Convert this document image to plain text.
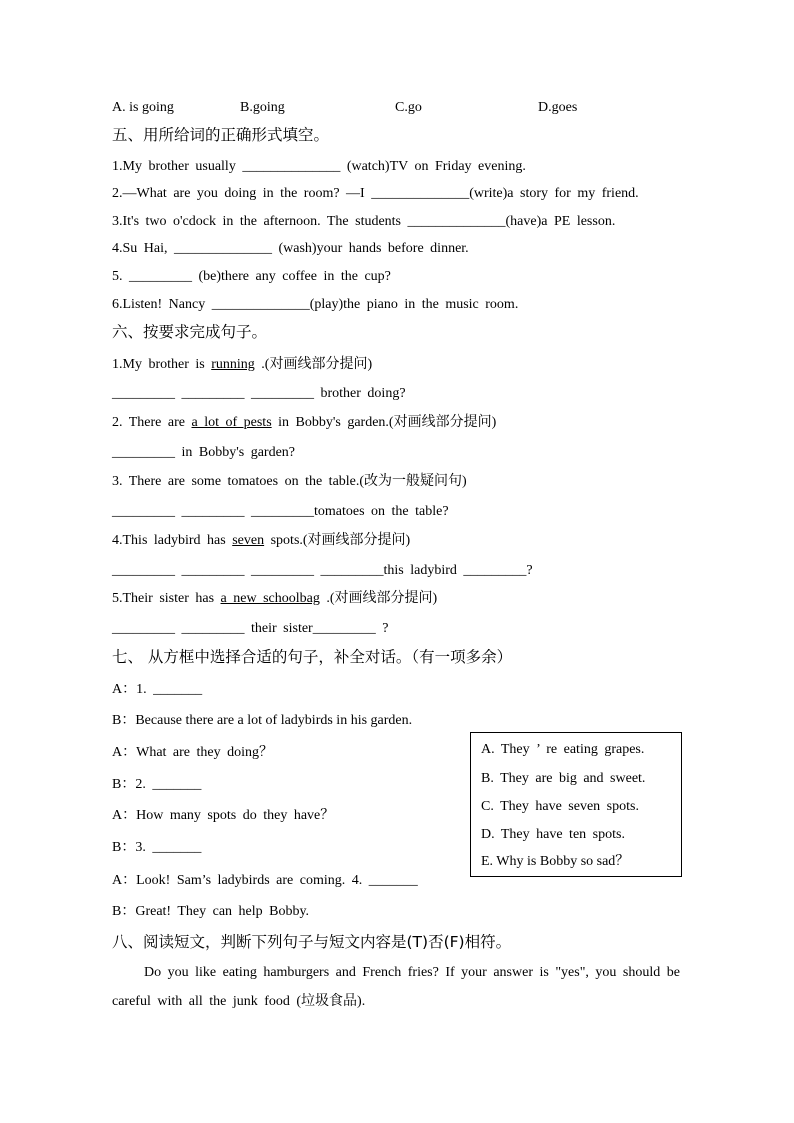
A. is going	B.going	C.go	D.goes
五、用所给词的正确形式填空。
1.My brother usually ______________ (watch)TV on Friday evening.
2.—What are you doing in the room? —I ______________(write)a story for my friend.
3.It's two o'cdock in the afternoon. The students ______________(have)a PE lesson.
4.Su Hai, ______________ (wash)your hands before dinner.
5. _________ (be)there any coffee in the cup?
6.Listen! Nancy ______________(play)the piano in the music room.
六、按要求完成句子。
1.My brother is running .(对画线部分提问)
_________ _________ _________ brother doing?
2. There are a lot of pests in Bobby's garden.(对画线部分提问)
_________ in Bobby's garden?
3. There are some tomatoes on the table.(改为一般疑问句)
_________ _________ _________tomatoes on the table?
4.This ladybird has seven spots.(对画线部分提问)
_________ _________ _________ _________this ladybird _________?
5.Their sister has a new schoolbag .(对画线部分提问)
_________ _________ their sister_________ ?
七、 从方框中选择合适的句子，补全对话。（有一项多余）
A：1. _______
B：Because there are a lot of ladybirds in his garden.
A：What are they doing？
B：2. _______
A：How many spots do they have？
B：3. _______
A：Look! Sam’s ladybirds are coming. 4. _______
B：Great! They can help Bobby.
A. They ’ re eating grapes.
B. They are big and sweet.
C. They have seven spots.
D. They have ten spots.
E. Why is Bobby so sad？
八、阅读短文，判断下列句子与短文内容是(T)否(F)相符。
Do you like eating hamburgers and French fries? If your answer is "yes", you should be careful with all the junk food (垃圾食品).
